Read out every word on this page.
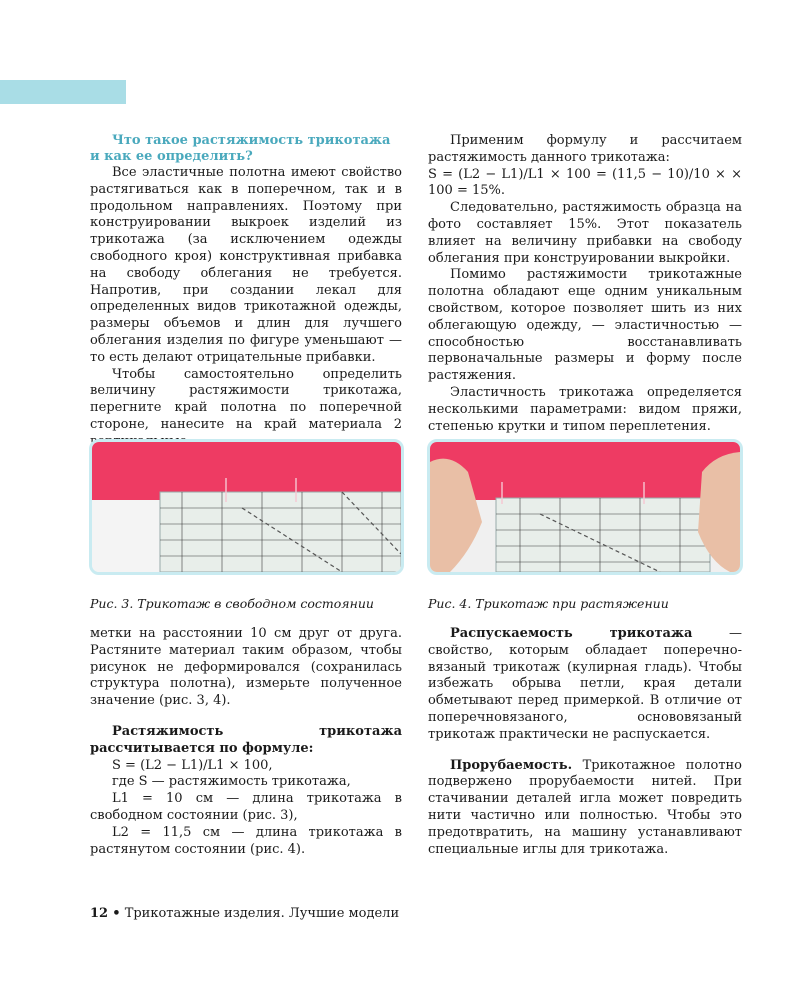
Что такое растяжимость трикотажа и как ее определить?

Все эластичные полотна имеют свойство растягиваться как в поперечном, так и в продольном направлениях. Поэтому при конструировании выкроек изделий из трикотажа (за исключением одежды свободного кроя) конструктивная прибавка на свободу облегания не требуется. Напротив, при создании лекал для определенных видов трикотажной одежды, размеры объемов и длин для лучшего облегания изделия по фигуре уменьшают — то есть делают отрицательные прибавки.

Чтобы самостоятельно определить величину растяжимости трикотажа, перегните край полотна по поперечной стороне, нанесите на край материала 2

Применим формулу и рассчитаем растяжимость данного трикотажа:

S = (L2 − L1)/L1 × 100 = (11,5 − 10)/10 × × 100 = 15%.

Следовательно, растяжимость образца на фото составляет 15%. Этот показатель влияет на величину прибавки на свободу облегания при конструировании выкройки.

Помимо растяжимости трикотажные полотна обладают еще одним уникальным свойством, которое позволяет шить из них облегающую одежду, — эластичностью — способностью восстанавливать первоначальные размеры и форму после растяжения.

Эластичность трикотажа определяется несколькими параметрами: видом пряжи, степенью крутки и типом переплетения.

Рис. 3. Трикотаж в свободном состоянии	Рис. 4. Трикотаж при растяжении

метки на расстоянии 10 см друг от друга. Растяните материал таким образом, чтобы рисунок не деформировался (сохранилась структура полотна), измерьте полученное значение (рис. 3, 4).

Растяжимость трикотажа рассчитывается по формуле:

S = (L2 − L1)/L1 × 100,

где S — растяжимость трикотажа,

L1 = 10 см — длина трикотажа в свободном состоянии (рис. 3),

L2 = 11,5 см — длина трикотажа в растянутом состоянии (рис. 4).

Распускаемость трикотажа — свойство, которым обладает поперечно-вязаный трикотаж (кулирная гладь). Чтобы избежать обрыва петли, края детали обметывают перед примеркой. В отличие от поперечновязаного, основовязаный трикотаж практически не распускается.

Прорубаемость. Трикотажное полотно подвержено прорубаемости нитей. При стачивании деталей игла может повредить нити частично или полностью. Чтобы это предотвратить, на машину устанавливают специальные иглы для трикотажа.

12 • Трикотажные изделия. Лучшие модели
